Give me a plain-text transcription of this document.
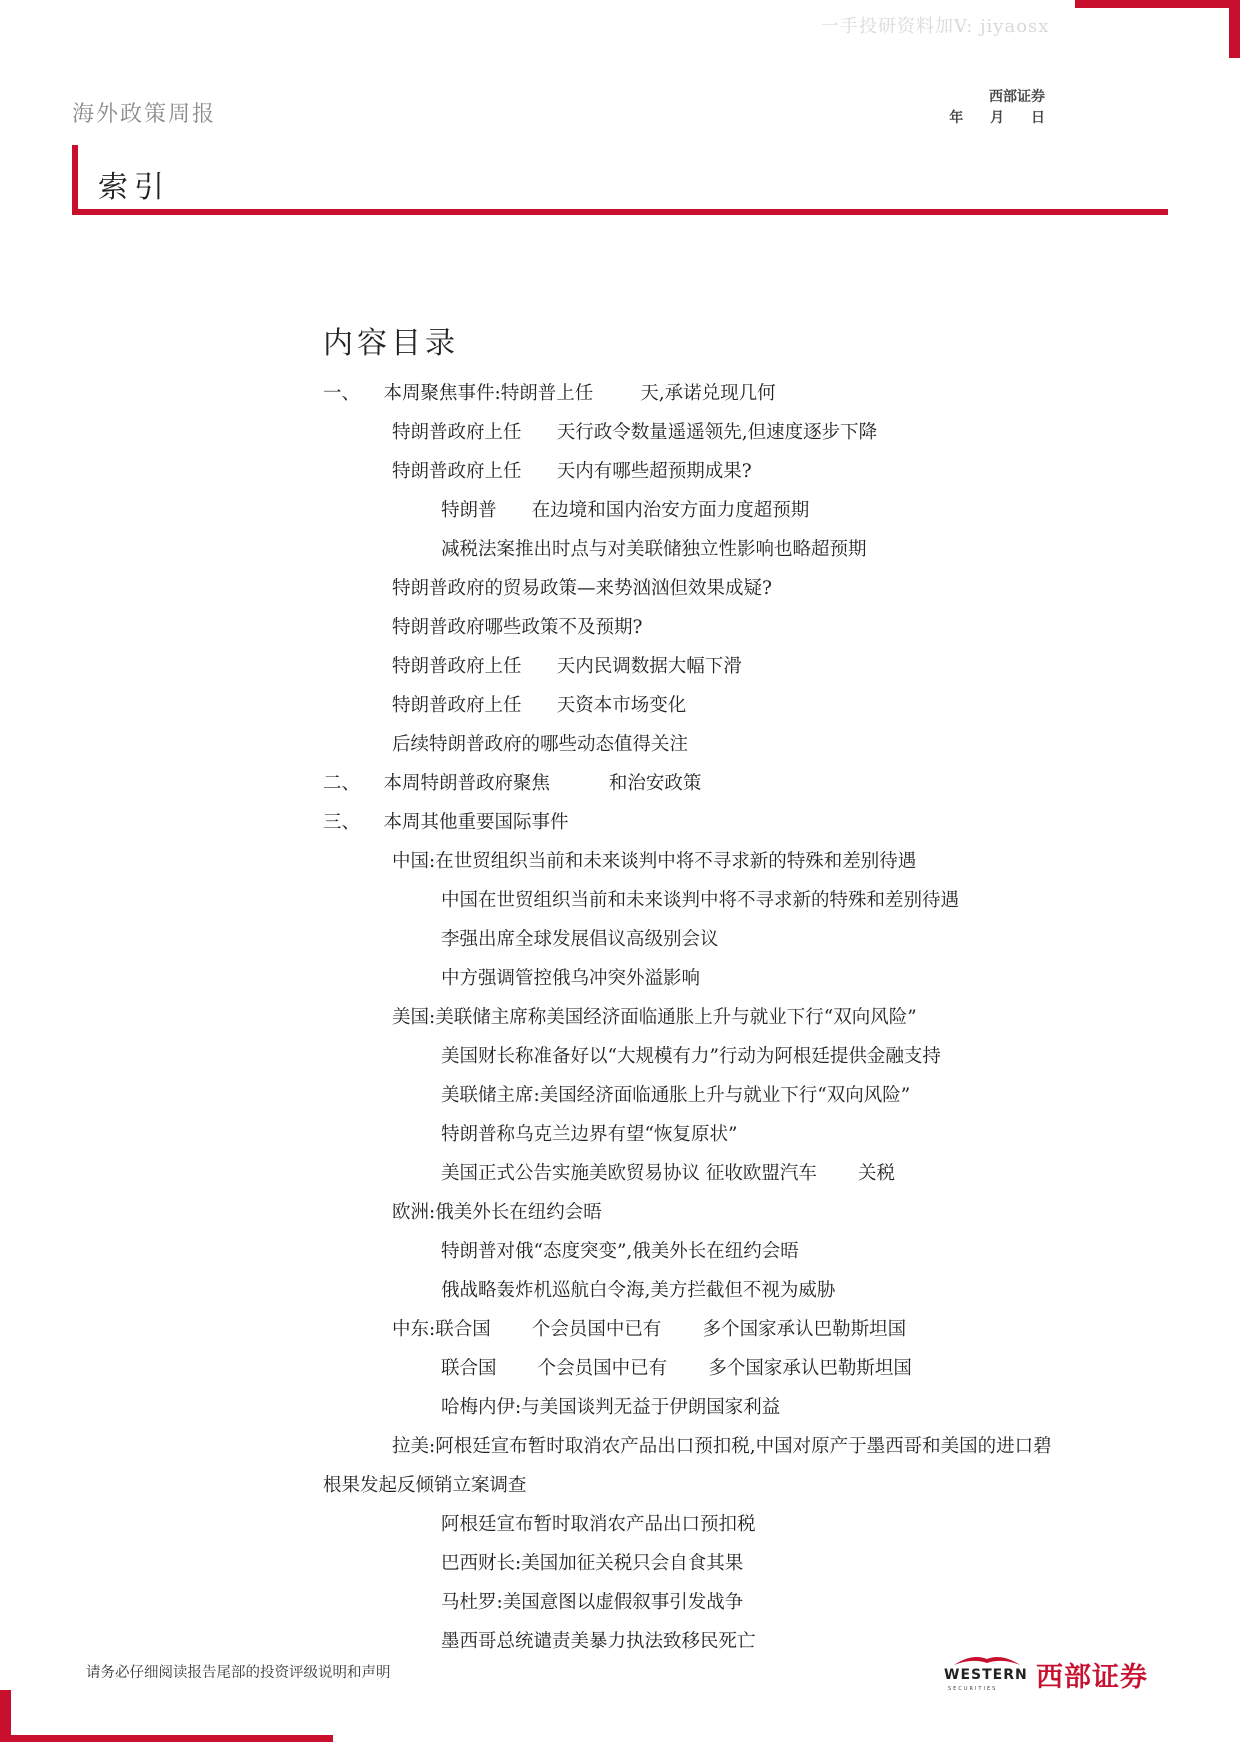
一手投研资料加V: jiyaosx
海外政策周报
西部证券
年 月 日
索引
内容目录
一、    本周聚焦事件:特朗普上任        天,承诺兑现几何
特朗普政府上任      天行政令数量遥遥领先,但速度逐步下降
特朗普政府上任      天内有哪些超预期成果?
特朗普      在边境和国内治安方面力度超预期
减税法案推出时点与对美联储独立性影响也略超预期
特朗普政府的贸易政策—来势汹汹但效果成疑?
特朗普政府哪些政策不及预期?
特朗普政府上任      天内民调数据大幅下滑
特朗普政府上任      天资本市场变化
后续特朗普政府的哪些动态值得关注
二、    本周特朗普政府聚焦          和治安政策
三、    本周其他重要国际事件
中国:在世贸组织当前和未来谈判中将不寻求新的特殊和差别待遇
中国在世贸组织当前和未来谈判中将不寻求新的特殊和差别待遇
李强出席全球发展倡议高级别会议
中方强调管控俄乌冲突外溢影响
美国:美联储主席称美国经济面临通胀上升与就业下行“双向风险”
美国财长称准备好以“大规模有力”行动为阿根廷提供金融支持
美联储主席:美国经济面临通胀上升与就业下行“双向风险”
特朗普称乌克兰边界有望“恢复原状”
美国正式公告实施美欧贸易协议 征收欧盟汽车       关税
欧洲:俄美外长在纽约会晤
特朗普对俄“态度突变”,俄美外长在纽约会晤
俄战略轰炸机巡航白令海,美方拦截但不视为威胁
中东:联合国       个会员国中已有       多个国家承认巴勒斯坦国
联合国       个会员国中已有       多个国家承认巴勒斯坦国
哈梅内伊:与美国谈判无益于伊朗国家利益
拉美:阿根廷宣布暂时取消农产品出口预扣税,中国对原产于墨西哥和美国的进口碧
根果发起反倾销立案调查
阿根廷宣布暂时取消农产品出口预扣税
巴西财长:美国加征关税只会自食其果
马杜罗:美国意图以虚假叙事引发战争
墨西哥总统谴责美暴力执法致移民死亡
请务必仔细阅读报告尾部的投资评级说明和声明	WESTERN
SECURITIES 西部证券
